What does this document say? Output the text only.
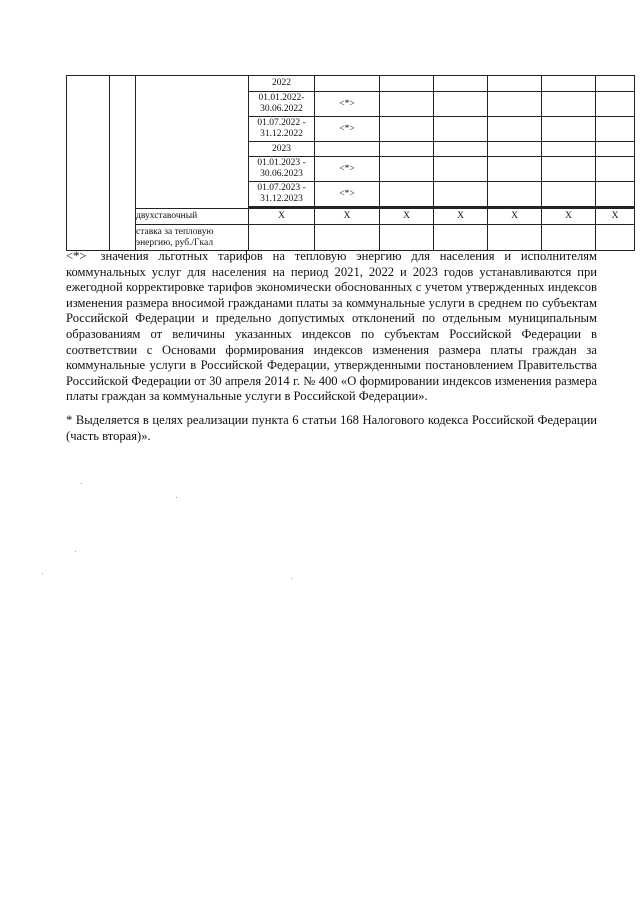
			2022						
			01.01.2022-
30.06.2022	<*>					
			01.07.2022 -
31.12.2022	<*>					
			2023						
			01.01.2023 -
30.06.2023	<*>					
			01.07.2023 -
31.12.2023	<*>					

		двухставочный	X	X	X	X	X	X	X
		ставка за тепловую энергию, руб./Гкал							

<*> значения льготных тарифов на тепловую энергию для населения и исполнителям коммунальных услуг для населения на период 2021, 2022 и 2023 годов устанавливаются при ежегодной корректировке тарифов экономически обоснованных с учетом утвержденных индексов изменения размера вносимой гражданами платы за коммунальные услуги в среднем по субъектам Российской Федерации и предельно допустимых отклонений по отдельным муниципальным образованиям от величины указанных индексов по субъектам Российской Федерации в соответствии с Основами формирования индексов изменения размера платы граждан за коммунальные услуги в Российской Федерации, утвержденными постановлением Правительства Российской Федерации от 30 апреля 2014 г. № 400 «О формировании индексов изменения размера платы граждан за коммунальные услуги в Российской Федерации».

* Выделяется в целях реализации пункта 6 статьи 168 Налогового кодекса Российской Федерации (часть вторая)».
